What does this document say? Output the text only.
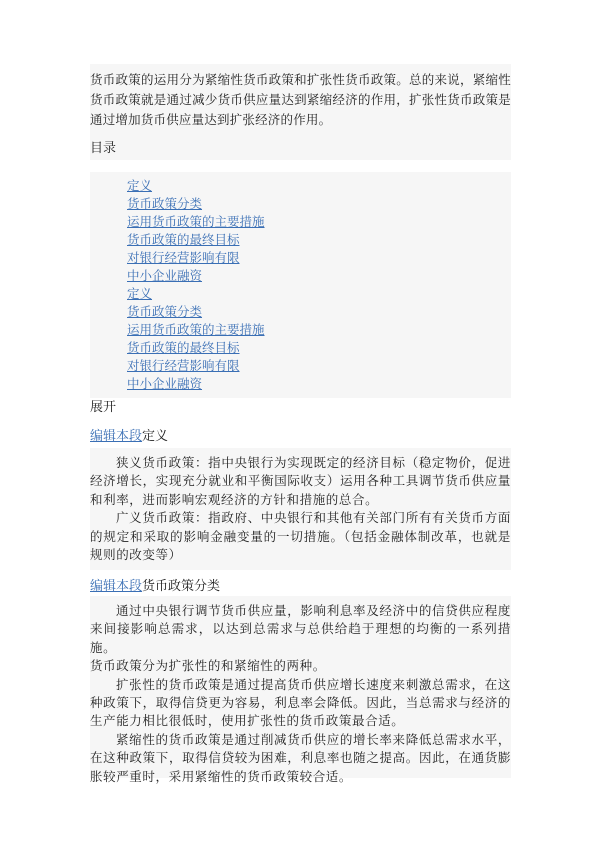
货币政策的运用分为紧缩性货币政策和扩张性货币政策。总的来说，紧缩性货币政策就是通过减少货币供应量达到紧缩经济的作用，扩张性货币政策是通过增加货币供应量达到扩张经济的作用。

目录
定义
货币政策分类
运用货币政策的主要措施
货币政策的最终目标
对银行经营影响有限
中小企业融资
定义
货币政策分类
运用货币政策的主要措施
货币政策的最终目标
对银行经营影响有限
中小企业融资
展开
编辑本段定义

狭义货币政策：指中央银行为实现既定的经济目标（稳定物价，促进经济增长，实现充分就业和平衡国际收支）运用各种工具调节货币供应量和利率，进而影响宏观经济的方针和措施的总合。

广义货币政策：指政府、中央银行和其他有关部门所有有关货币方面的规定和采取的影响金融变量的一切措施。（包括金融体制改革，也就是规则的改变等）

编辑本段货币政策分类

通过中央银行调节货币供应量，影响利息率及经济中的信贷供应程度来间接影响总需求，以达到总需求与总供给趋于理想的均衡的一系列措施。

货币政策分为扩张性的和紧缩性的两种。

扩张性的货币政策是通过提高货币供应增长速度来刺激总需求，在这种政策下，取得信贷更为容易，利息率会降低。因此，当总需求与经济的生产能力相比很低时，使用扩张性的货币政策最合适。

紧缩性的货币政策是通过削减货币供应的增长率来降低总需求水平，在这种政策下，取得信贷较为困难，利息率也随之提高。因此，在通货膨胀较严重时，采用紧缩性的货币政策较合适。
